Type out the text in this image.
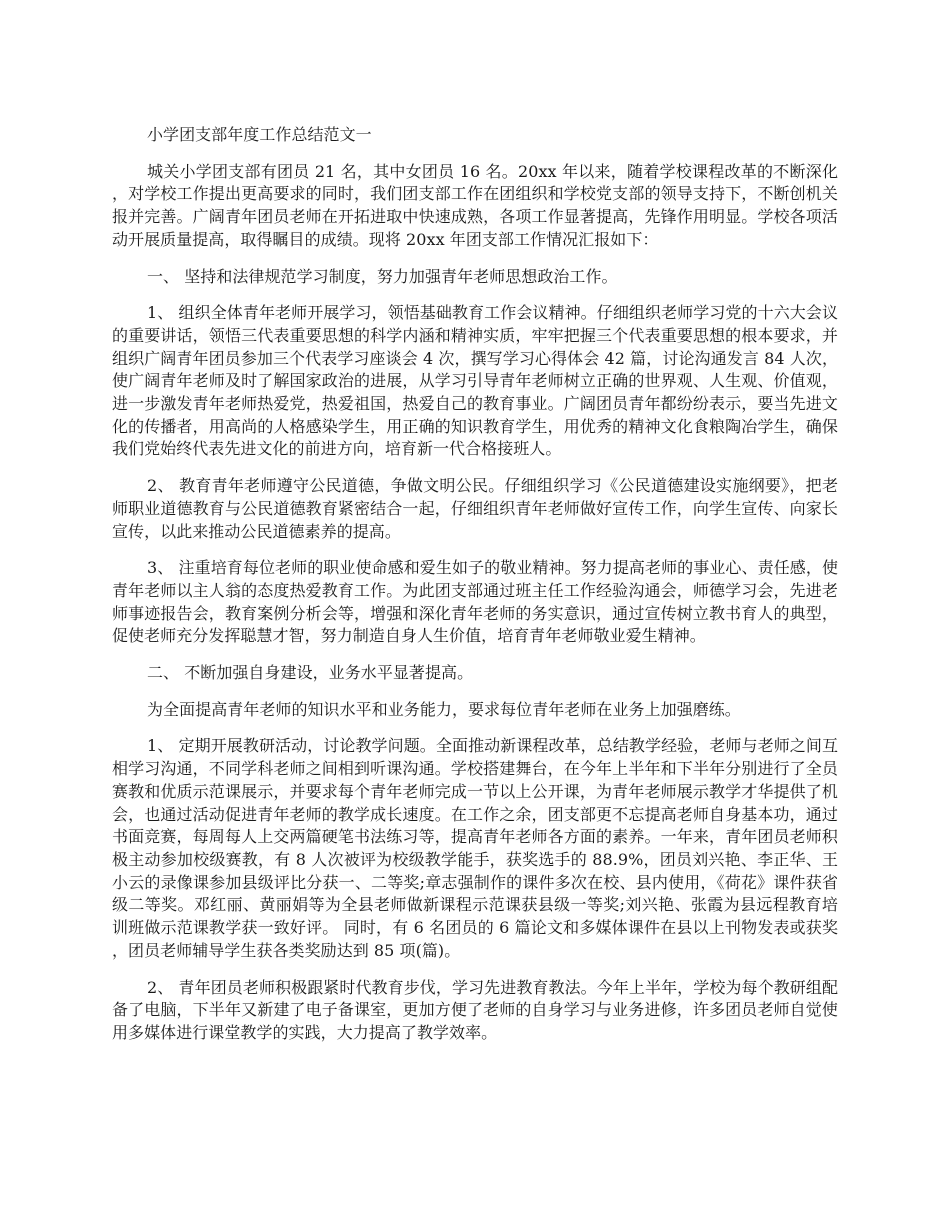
小学团支部年度工作总结范文一

城关小学团支部有团员 21 名，其中女团员 16 名。20xx 年以来，随着学校课程改革的不断深化，对学校工作提出更高要求的同时，我们团支部工作在团组织和学校党支部的领导支持下，不断创机关报并完善。广阔青年团员老师在开拓进取中快速成熟，各项工作显著提高，先锋作用明显。学校各项活动开展质量提高，取得瞩目的成绩。现将 20xx 年团支部工作情况汇报如下：

一、 坚持和法律规范学习制度，努力加强青年老师思想政治工作。

1、 组织全体青年老师开展学习，领悟基础教育工作会议精神。仔细组织老师学习党的十六大会议的重要讲话，领悟三代表重要思想的科学内涵和精神实质，牢牢把握三个代表重要思想的根本要求，并组织广阔青年团员参加三个代表学习座谈会 4 次，撰写学习心得体会 42 篇，讨论沟通发言 84 人次，使广阔青年老师及时了解国家政治的进展，从学习引导青年老师树立正确的世界观、人生观、价值观，进一步激发青年老师热爱党，热爱祖国，热爱自己的教育事业。广阔团员青年都纷纷表示，要当先进文化的传播者，用高尚的人格感染学生，用正确的知识教育学生，用优秀的精神文化食粮陶冶学生，确保我们党始终代表先进文化的前进方向，培育新一代合格接班人。

2、 教育青年老师遵守公民道德，争做文明公民。仔细组织学习《公民道德建设实施纲要》，把老师职业道德教育与公民道德教育紧密结合一起，仔细组织青年老师做好宣传工作，向学生宣传、向家长宣传，以此来推动公民道德素养的提高。

3、 注重培育每位老师的职业使命感和爱生如子的敬业精神。努力提高老师的事业心、责任感，使青年老师以主人翁的态度热爱教育工作。为此团支部通过班主任工作经验沟通会，师德学习会，先进老师事迹报告会，教育案例分析会等，增强和深化青年老师的务实意识，通过宣传树立教书育人的典型，促使老师充分发挥聪慧才智，努力制造自身人生价值，培育青年老师敬业爱生精神。

二、 不断加强自身建设，业务水平显著提高。

为全面提高青年老师的知识水平和业务能力，要求每位青年老师在业务上加强磨练。

1、 定期开展教研活动，讨论教学问题。全面推动新课程改革，总结教学经验，老师与老师之间互相学习沟通，不同学科老师之间相到听课沟通。学校搭建舞台，在今年上半年和下半年分别进行了全员赛教和优质示范课展示，并要求每个青年老师完成一节以上公开课，为青年老师展示教学才华提供了机会，也通过活动促进青年老师的教学成长速度。在工作之余，团支部更不忘提高老师自身基本功，通过书面竞赛，每周每人上交两篇硬笔书法练习等，提高青年老师各方面的素养。一年来，青年团员老师积极主动参加校级赛教，有 8 人次被评为校级教学能手，获奖选手的 88.9%，团员刘兴艳、李正华、王小云的录像课参加县级评比分获一、二等奖;章志强制作的课件多次在校、县内使用，《荷花》课件获省级二等奖。邓红丽、黄丽娟等为全县老师做新课程示范课获县级一等奖;刘兴艳、张霞为县远程教育培训班做示范课教学获一致好评。 同时，有 6 名团员的 6 篇论文和多媒体课件在县以上刊物发表或获奖，团员老师辅导学生获各类奖励达到 85 项(篇)。

2、 青年团员老师积极跟紧时代教育步伐，学习先进教育教法。今年上半年，学校为每个教研组配备了电脑，下半年又新建了电子备课室，更加方便了老师的自身学习与业务进修，许多团员老师自觉使用多媒体进行课堂教学的实践，大力提高了教学效率。
